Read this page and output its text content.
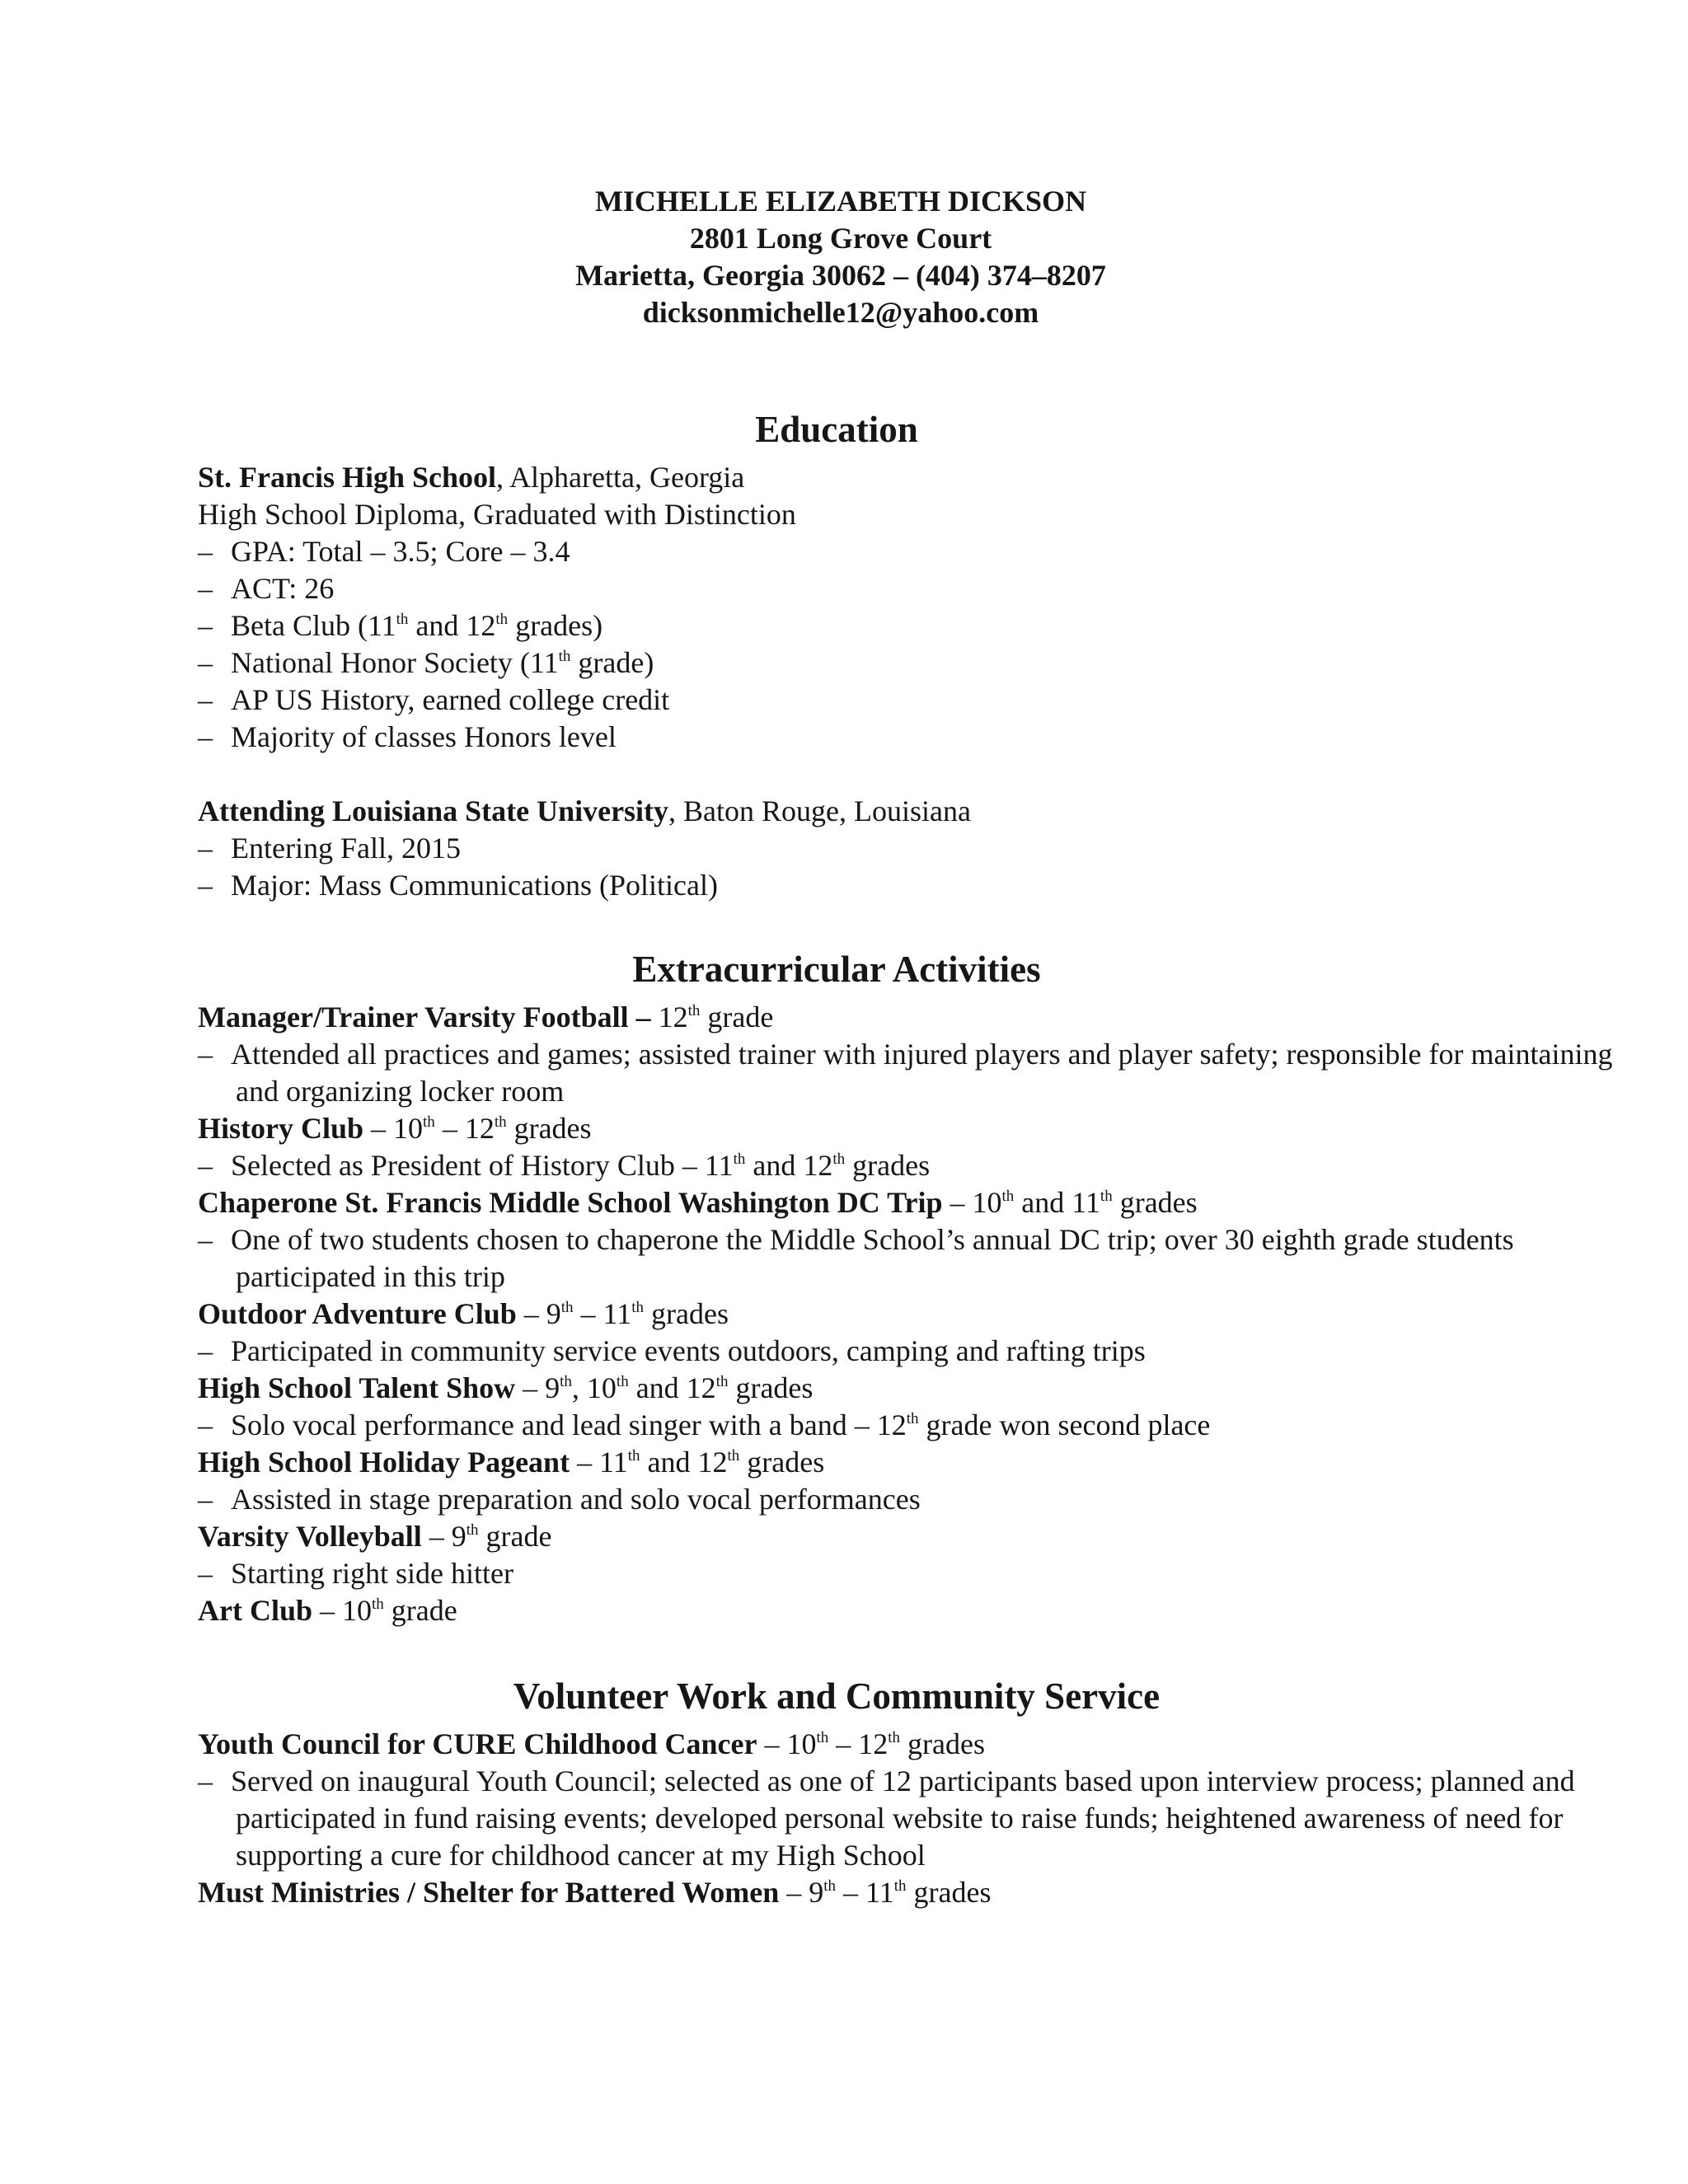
MICHELLE ELIZABETH DICKSON
2801 Long Grove Court
Marietta, Georgia 30062 – (404) 374–8207
dicksonmichelle12@yahoo.com
Education
St. Francis High School, Alpharetta, Georgia
High School Diploma, Graduated with Distinction
– GPA: Total – 3.5; Core – 3.4
– ACT: 26
– Beta Club (11th and 12th grades)
– National Honor Society (11th grade)
– AP US History, earned college credit
– Majority of classes Honors level
Attending Louisiana State University, Baton Rouge, Louisiana
– Entering Fall, 2015
– Major: Mass Communications (Political)
Extracurricular Activities
Manager/Trainer Varsity Football – 12th grade
– Attended all practices and games; assisted trainer with injured players and player safety; responsible for maintaining and organizing locker room
History Club – 10th – 12th grades
– Selected as President of History Club – 11th and 12th grades
Chaperone St. Francis Middle School Washington DC Trip – 10th and 11th grades
– One of two students chosen to chaperone the Middle School’s annual DC trip; over 30 eighth grade students participated in this trip
Outdoor Adventure Club – 9th – 11th grades
– Participated in community service events outdoors, camping and rafting trips
High School Talent Show – 9th, 10th and 12th grades
– Solo vocal performance and lead singer with a band – 12th grade won second place
High School Holiday Pageant – 11th and 12th grades
– Assisted in stage preparation and solo vocal performances
Varsity Volleyball – 9th grade
– Starting right side hitter
Art Club – 10th grade
Volunteer Work and Community Service
Youth Council for CURE Childhood Cancer – 10th – 12th grades
– Served on inaugural Youth Council; selected as one of 12 participants based upon interview process; planned and participated in fund raising events; developed personal website to raise funds; heightened awareness of need for supporting a cure for childhood cancer at my High School
Must Ministries / Shelter for Battered Women – 9th – 11th grades
